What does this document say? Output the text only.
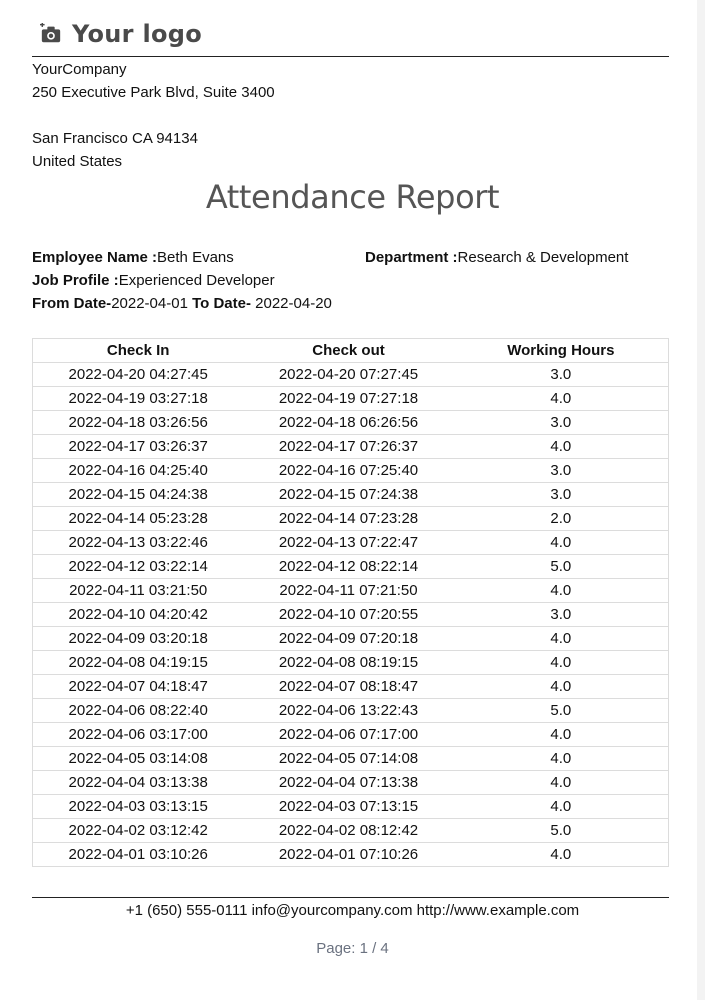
Your logo
YourCompany
250 Executive Park Blvd, Suite 3400
San Francisco CA 94134
United States
Attendance Report
Employee Name :Beth Evans	Department :Research & Development
Job Profile :Experienced Developer
From Date-2022-04-01 To Date- 2022-04-20
Check In	Check out	Working Hours
2022-04-20 04:27:45	2022-04-20 07:27:45	3.0
2022-04-19 03:27:18	2022-04-19 07:27:18	4.0
2022-04-18 03:26:56	2022-04-18 06:26:56	3.0
2022-04-17 03:26:37	2022-04-17 07:26:37	4.0
2022-04-16 04:25:40	2022-04-16 07:25:40	3.0
2022-04-15 04:24:38	2022-04-15 07:24:38	3.0
2022-04-14 05:23:28	2022-04-14 07:23:28	2.0
2022-04-13 03:22:46	2022-04-13 07:22:47	4.0
2022-04-12 03:22:14	2022-04-12 08:22:14	5.0
2022-04-11 03:21:50	2022-04-11 07:21:50	4.0
2022-04-10 04:20:42	2022-04-10 07:20:55	3.0
2022-04-09 03:20:18	2022-04-09 07:20:18	4.0
2022-04-08 04:19:15	2022-04-08 08:19:15	4.0
2022-04-07 04:18:47	2022-04-07 08:18:47	4.0
2022-04-06 08:22:40	2022-04-06 13:22:43	5.0
2022-04-06 03:17:00	2022-04-06 07:17:00	4.0
2022-04-05 03:14:08	2022-04-05 07:14:08	4.0
2022-04-04 03:13:38	2022-04-04 07:13:38	4.0
2022-04-03 03:13:15	2022-04-03 07:13:15	4.0
2022-04-02 03:12:42	2022-04-02 08:12:42	5.0
2022-04-01 03:10:26	2022-04-01 07:10:26	4.0
+1 (650) 555-0111 info@yourcompany.com http://www.example.com
Page: 1 / 4
